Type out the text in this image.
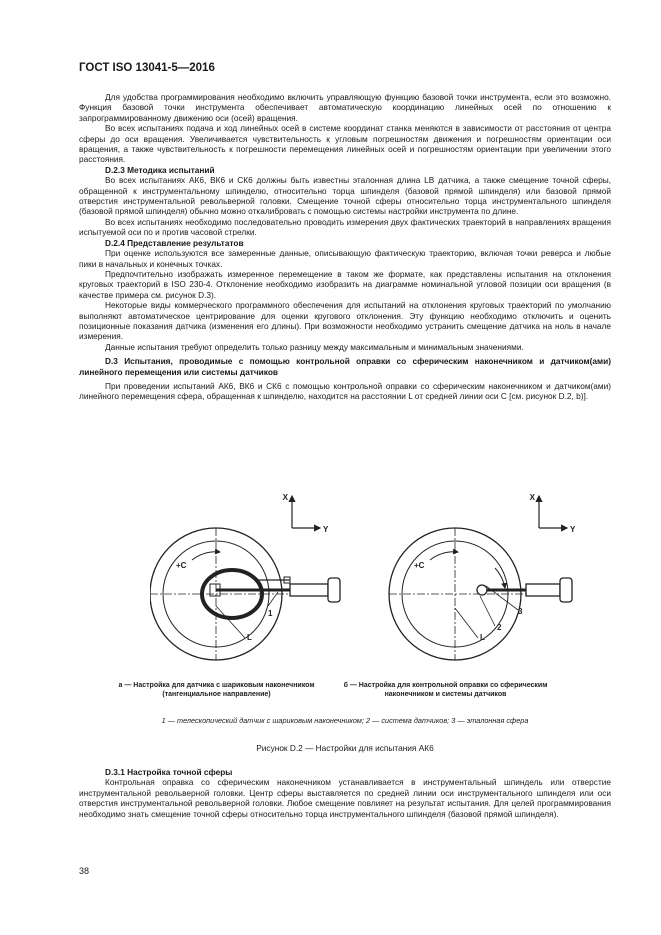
ГОСТ ISO 13041-5—2016

Для удобства программирования необходимо включить управляющую функцию базовой точки инструмента, если это возможно. Функция базовой точки инструмента обеспечивает автоматическую координацию линейных осей по отношению к запрограммированному движению оси (осей) вращения.

Во всех испытаниях подача и ход линейных осей в системе координат станка меняются в зависимости от расстояния от центра сферы до оси вращения. Увеличивается чувствительность к угловым погрешностям движения и погрешностям ориентации оси вращения, а также чувствительность к погрешности перемещения линейных осей и погрешностям ориентации при увеличении этого расстояния.

D.2.3 Методика испытаний

Во всех испытаниях АК6, ВК6 и СК6 должны быть известны эталонная длина LB датчика, а также смещение точной сферы, обращенной к инструментальному шпинделю, относительно торца шпинделя (базовой прямой шпинделя) или базовой прямой отверстия инструментальной револьверной головки. Смещение точной сферы относительно торца инструментального шпинделя (базовой прямой шпинделя) обычно можно откалибровать с помощью системы настройки инструмента по длине.

Во всех испытаниях необходимо последовательно проводить измерения двух фактических траекторий в направлениях вращения испытуемой оси по и против часовой стрелки.

D.2.4 Представление результатов

При оценке используются все замеренные данные, описывающую фактическую траекторию, включая точки реверса и любые пики в начальных и конечных точках.

Предпочтительно изображать измеренное перемещение в таком же формате, как представлены испытания на отклонения круговых траекторий в ISO 230-4. Отклонение необходимо изобразить на диаграмме номинальной угловой позиции оси вращения (в качестве примера см. рисунок D.3).

Некоторые виды коммерческого программного обеспечения для испытаний на отклонения круговых траекторий по умолчанию выполняют автоматическое центрирование для оценки кругового отклонения. Эту функцию необходимо отключить и оценить позиционные показания датчика (изменения его длины). При возможности необходимо устранить смещение датчика на ноль в начале измерения.

Данные испытания требуют определить только разницу между максимальным и минимальным значениями.

D.3 Испытания, проводимые с помощью контрольной оправки со сферическим наконечником и датчиком(ами) линейного перемещения или системы датчиков

При проведении испытаний АК6, ВК6 и СК6 с помощью контрольной оправки со сферическим наконечником и датчиком(ами) линейного перемещения сфера, обращенная к шпинделю, находится на расстоянии L от средней линии оси С [см. рисунок D.2, b)].

X
Y
+C
1
L
X
Y
+C
3
2
L
а — Настройка для датчика с шариковым наконечником (тангенциальное направление)
б — Настройка для контрольной оправки со сферическим наконечником и системы датчиков
1 — телескопический датчик с шариковым наконечником; 2 — система датчиков; 3 — эталонная сфера
Рисунок D.2 — Настройки для испытания АК6

D.3.1 Настройка точной сферы

Контрольная оправка со сферическим наконечником устанавливается в инструментальный шпиндель или отверстие инструментальной револьверной головки. Центр сферы выставляется по средней линии оси инструментального шпинделя или оси отверстия инструментальной револьверной головки. Любое смещение повлияет на результат испытания. Для целей программирования необходимо знать смещение точной сферы относительно торца инструментального шпинделя (базовой прямой шпинделя).

38
